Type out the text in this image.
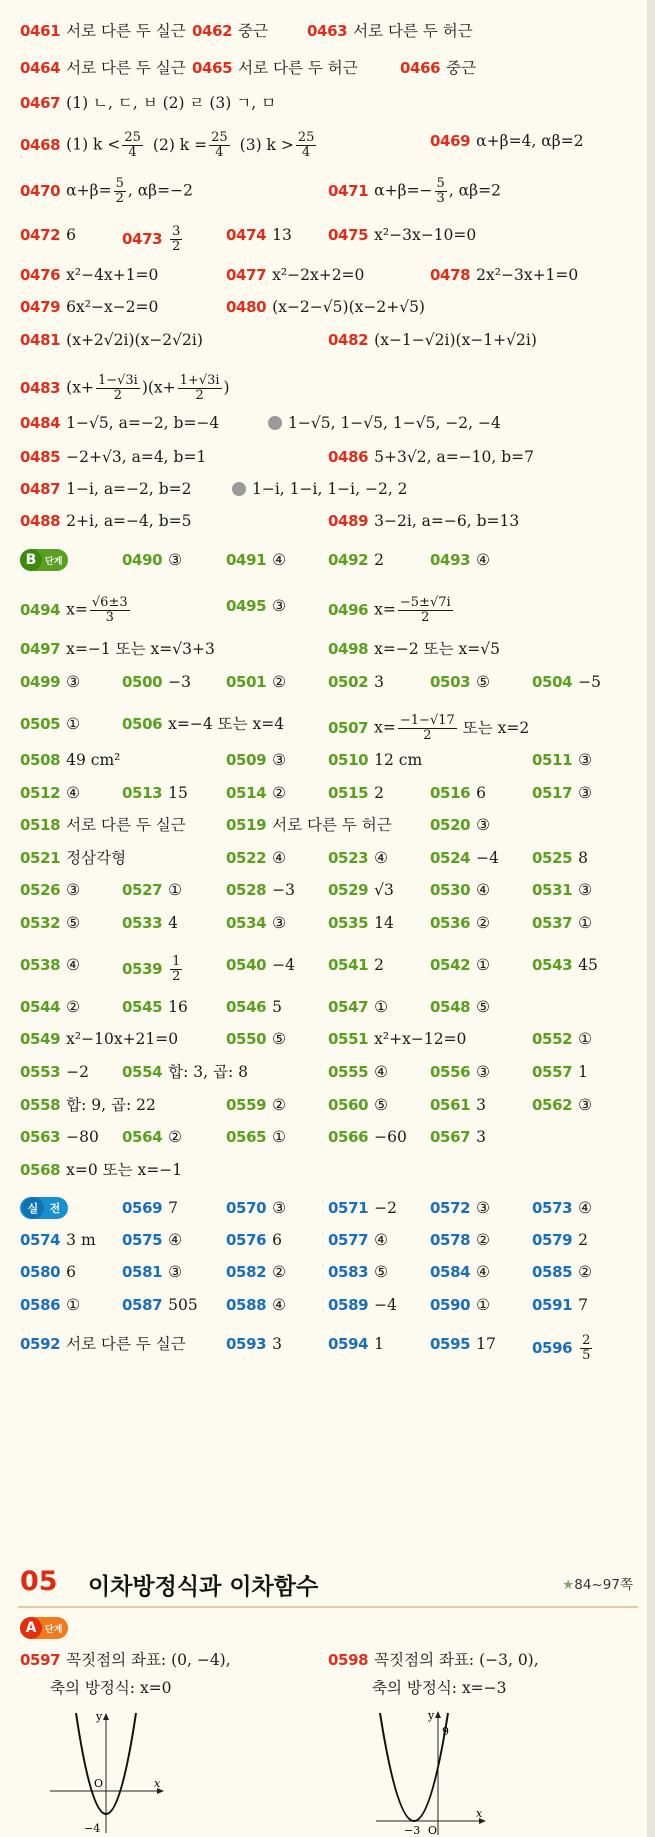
0461 서로 다른 두 실근 0462 중근	0463 서로 다른 두 허근
0464 서로 다른 두 실근 0465 서로 다른 두 허근	0466 중근
0467 (1) ㄴ, ㄷ, ㅂ (2) ㄹ (3) ㄱ, ㅁ
0468 (1) $k < \frac{25}{4} (2) k = \frac{25}{4} (3) k > \frac{25}{4}$	0469 α+β=4, αβ=2
0470 $\alpha+\beta= \frac{5}{2}$ , αβ=−2	0471 $\alpha+\beta=- \frac{5}{3}$ , αβ=2
0472 6	$0473 \frac{3}{2}$	0474 13 0475 x²−3x−10=0
0476 x²−4x+1=0	0477 x²−2x+2=0	0478 2x²−3x+1=0
0479 6x²−x−2=0	0480 (x−2−√5)(x−2+√5)
0481 (x+2√2i)(x−2√2i)	0482 (x−1−√2i)(x−1+√2i)
0483 $(x+ \frac{1-√3i}{2} )(x+ \frac{1+√3i}{2}$ )
0484 1−√5, a=−2, b=−4	1−√5, 1−√5, 1−√5, −2, −4
0485 −2+√3, a=4, b=1	0486 5+3√2, a=−10, b=7
0487 1−i, a=−2, b=2	1−i, 1−i, 1−i, −2, 2
0488 2+i, a=−4, b=5	0489 3−2i, a=−6, b=13
B 단계	0490 ③	0491 ④	0492 2	0493 ④
0494 $x= \frac{√6\pm 3}{3}$	0495 ③	0496 $x= \frac{-5\pm√7i}{2}$
0497 x=−1 또는 x=√3+3	0498 x=−2 또는 x=√5
0499 ③	0500 −3 0501 ②	0502 3	0503 ⑤	0504 −5
0505 ①	0506 x=−4 또는 x=4	0507 $x= \frac{-1-√17}{2}$ 또는 x=2
0508 49 cm²	0509 ③	0510 12 cm	0511 ③
0512 ④	0513 15	0514 ②	0515 2	0516 6	0517 ③
0518 서로 다른 두 실근	0519 서로 다른 두 허근	0520 ③
0521 정삼각형	0522 ④	0523 ④	0524 −4 0525 8
0526 ③	0527 ①	0528 −3 0529 √3 0530 ④	0531 ③
0532 ⑤	0533 4	0534 ③	0535 14 0536 ②	0537 ①
0538 ④	$0539 \frac{1}{2}$	0540 −4 0541 2	0542 ①	0543 45
0544 ②	0545 16	0546 5	0547 ①	0548 ⑤
0549 x²−10x+21=0	0550 ⑤	0551 x²+x−12=0	0552 ①
0553 −2 0554 합: 3, 곱: 8	0555 ④	0556 ③	0557 1
0558 합: 9, 곱: 22	0559 ②	0560 ⑤	0561 3	0562 ③
0563 −80 0564 ②	0565 ①	0566 −60 0567 3
0568 x=0 또는 x=−1
실	전	0569 7	0570 ③	0571 −2 0572 ③	0573 ④
0574 3 m 0575 ④	0576 6	0577 ④	0578 ②	0579 2
0580 6	0581 ③	0582 ②	0583 ⑤	0584 ④	0585 ②
0586 ①	0587 505 0588 ④	0589 −4 0590 ①	0591 7
0592 서로 다른 두 실근	0593 3	0594 1	0595 17 $0596 \frac{2}{5}$
05 이차방정식과 이차함수	★84~97쪽
A 단계
0597 꼭짓점의 좌표: (0, −4),
축의 방정식: x=0
0598 꼭짓점의 좌표: (−3, 0),
축의 방정식: x=−3
y
x
O
−4
y
x
O
−3
9
